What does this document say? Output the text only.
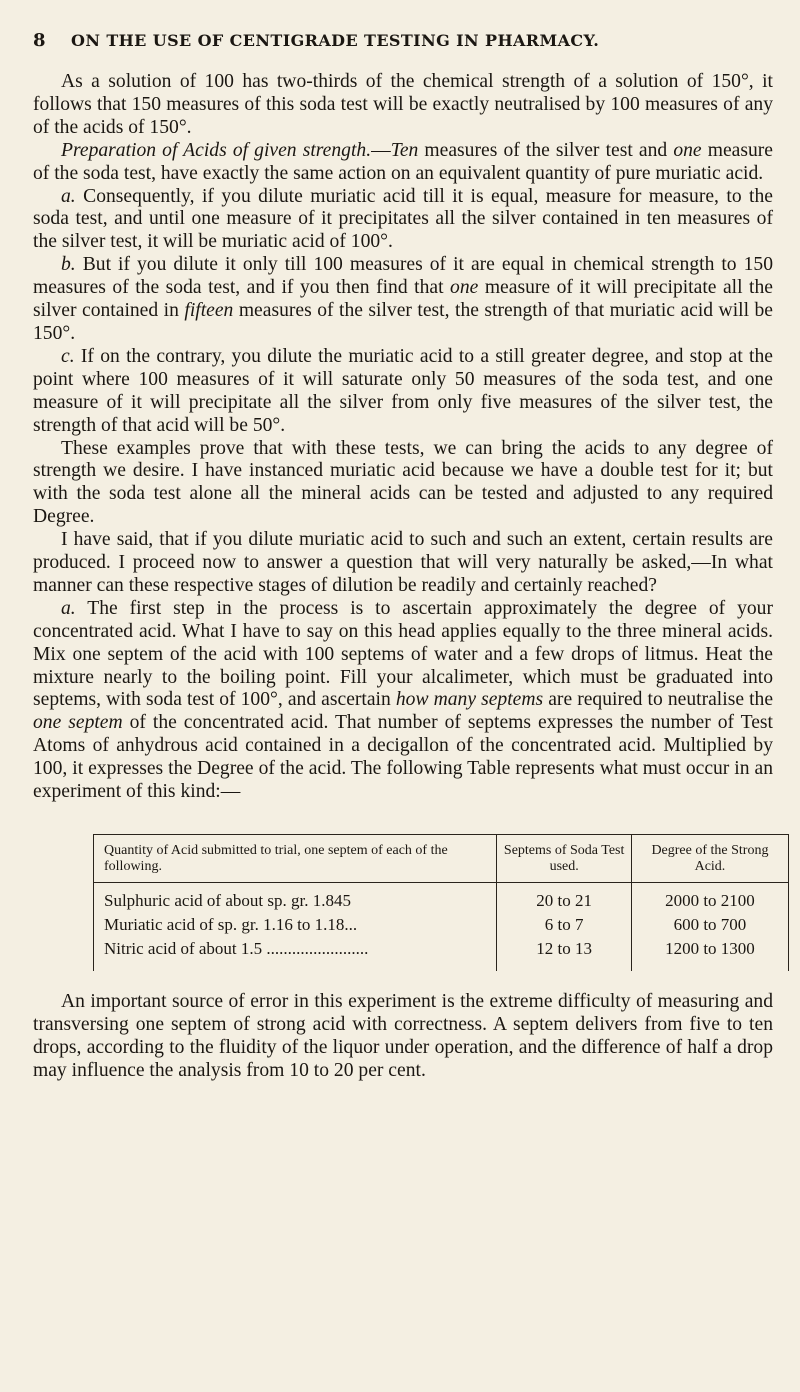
8	ON THE USE OF CENTIGRADE TESTING IN PHARMACY.

As a solution of 100 has two-thirds of the chemical strength of a solution of 150°, it follows that 150 measures of this soda test will be exactly neutralised by 100 measures of any of the acids of 150°.

Preparation of Acids of given strength.—Ten measures of the silver test and one measure of the soda test, have exactly the same action on an equivalent quantity of pure muriatic acid.

a. Consequently, if you dilute muriatic acid till it is equal, measure for measure, to the soda test, and until one measure of it precipitates all the silver contained in ten measures of the silver test, it will be muriatic acid of 100°.

b. But if you dilute it only till 100 measures of it are equal in chemical strength to 150 measures of the soda test, and if you then find that one measure of it will precipitate all the silver contained in fifteen measures of the silver test, the strength of that muriatic acid will be 150°.

c. If on the contrary, you dilute the muriatic acid to a still greater degree, and stop at the point where 100 measures of it will saturate only 50 measures of the soda test, and one measure of it will precipitate all the silver from only five measures of the silver test, the strength of that acid will be 50°.

These examples prove that with these tests, we can bring the acids to any degree of strength we desire. I have instanced muriatic acid because we have a double test for it; but with the soda test alone all the mineral acids can be tested and adjusted to any required Degree.

I have said, that if you dilute muriatic acid to such and such an extent, certain results are produced. I proceed now to answer a question that will very naturally be asked,—In what manner can these respective stages of dilution be readily and certainly reached?

a. The first step in the process is to ascertain approximately the degree of your concentrated acid. What I have to say on this head applies equally to the three mineral acids. Mix one septem of the acid with 100 septems of water and a few drops of litmus. Heat the mixture nearly to the boiling point. Fill your alcalimeter, which must be graduated into septems, with soda test of 100°, and ascertain how many septems are required to neutralise the one septem of the concentrated acid. That number of septems expresses the number of Test Atoms of anhydrous acid contained in a decigallon of the concentrated acid. Multiplied by 100, it expresses the Degree of the acid. The following Table represents what must occur in an experiment of this kind:—

Quantity of Acid submitted to trial, one septem of each of the following.	Septems of Soda Test used.	Degree of the Strong Acid.
Sulphuric acid of about sp. gr. 1.845	20 to 21	2000 to 2100
Muriatic acid of sp. gr. 1.16 to 1.18...	6 to 7	600 to 700
Nitric acid of about 1.5 ........................	12 to 13	1200 to 1300

An important source of error in this experiment is the extreme difficulty of measuring and transversing one septem of strong acid with correctness. A septem delivers from five to ten drops, according to the fluidity of the liquor under operation, and the difference of half a drop may influence the analysis from 10 to 20 per cent.
